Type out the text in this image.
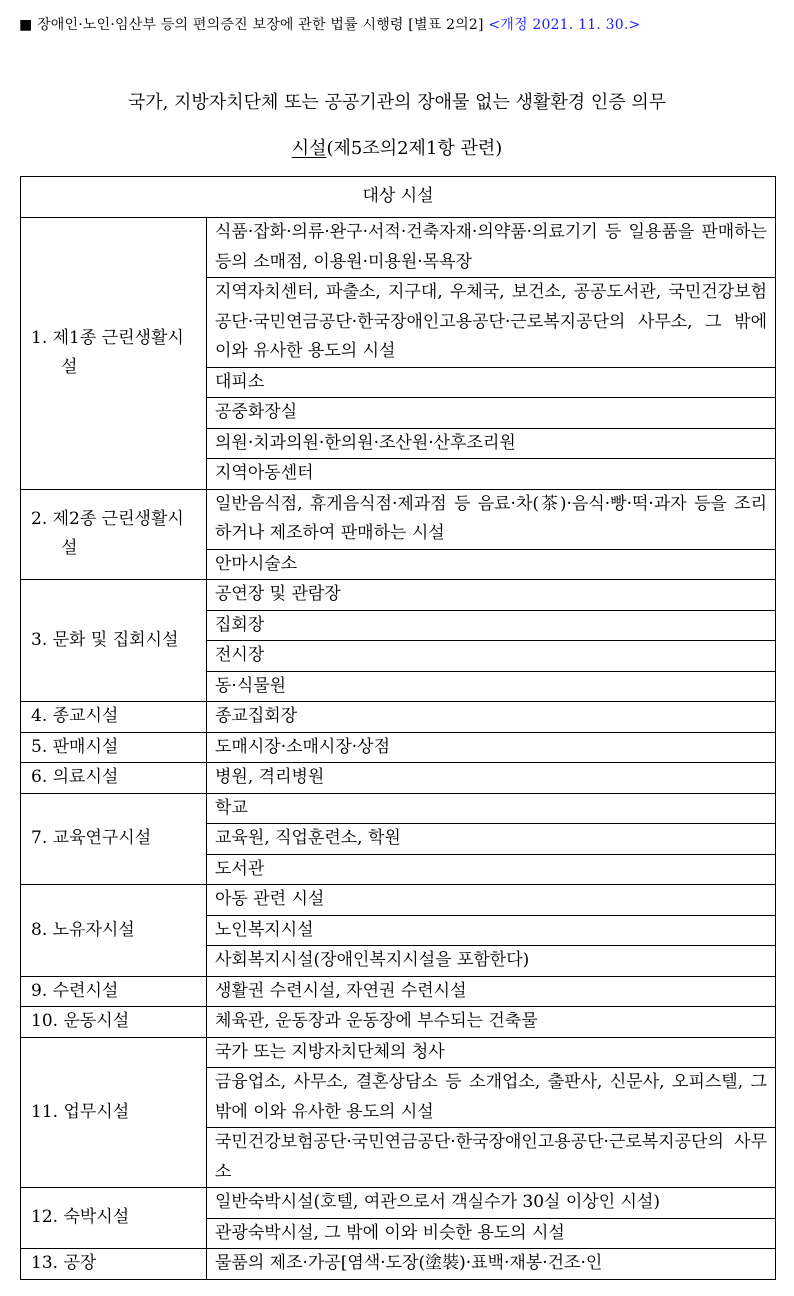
■ 장애인·노인·임산부 등의 편의증진 보장에 관한 법률 시행령 [별표 2의2] <개정 2021. 11. 30.>
국가, 지방자치단체 또는 공공기관의 장애물 없는 생활환경 인증 의무
시설(제5조의2제1항 관련)
대상 시설	

1. 제1종 근린생활시설	식품·잡화·의류·완구·서적·건축자재·의약품·의료기기 등 일용품을 판매하는 등의 소매점, 이용원·미용원·목욕장
	지역자치센터, 파출소, 지구대, 우체국, 보건소, 공공도서관, 국민건강보험공단·국민연금공단·한국장애인고용공단·근로복지공단의 사무소, 그 밖에 이와 유사한 용도의 시설
	대피소
	공중화장실
	의원·치과의원·한의원·조산원·산후조리원
	지역아동센터

2. 제2종 근린생활시설	일반음식점, 휴게음식점·제과점 등 음료·차(茶)·음식·빵·떡·과자 등을 조리하거나 제조하여 판매하는 시설
	안마시술소

3. 문화 및 집회시설	공연장 및 관람장
	집회장
	전시장
	동·식물원

4. 종교시설	종교집회장

5. 판매시설	도매시장·소매시장·상점

6. 의료시설	병원, 격리병원

7. 교육연구시설	학교
	교육원, 직업훈련소, 학원
	도서관

8. 노유자시설	아동 관련 시설
	노인복지시설
	사회복지시설(장애인복지시설을 포함한다)

9. 수련시설	생활권 수련시설, 자연권 수련시설

10. 운동시설	체육관, 운동장과 운동장에 부수되는 건축물

11. 업무시설	국가 또는 지방자치단체의 청사
	금융업소, 사무소, 결혼상담소 등 소개업소, 출판사, 신문사, 오피스텔, 그 밖에 이와 유사한 용도의 시설
	국민건강보험공단·국민연금공단·한국장애인고용공단·근로복지공단의 사무소

12. 숙박시설	일반숙박시설(호텔, 여관으로서 객실수가 30실 이상인 시설)
	관광숙박시설, 그 밖에 이와 비슷한 용도의 시설

13. 공장	물품의 제조·가공[염색·도장(塗裝)·표백·재봉·건조·인
